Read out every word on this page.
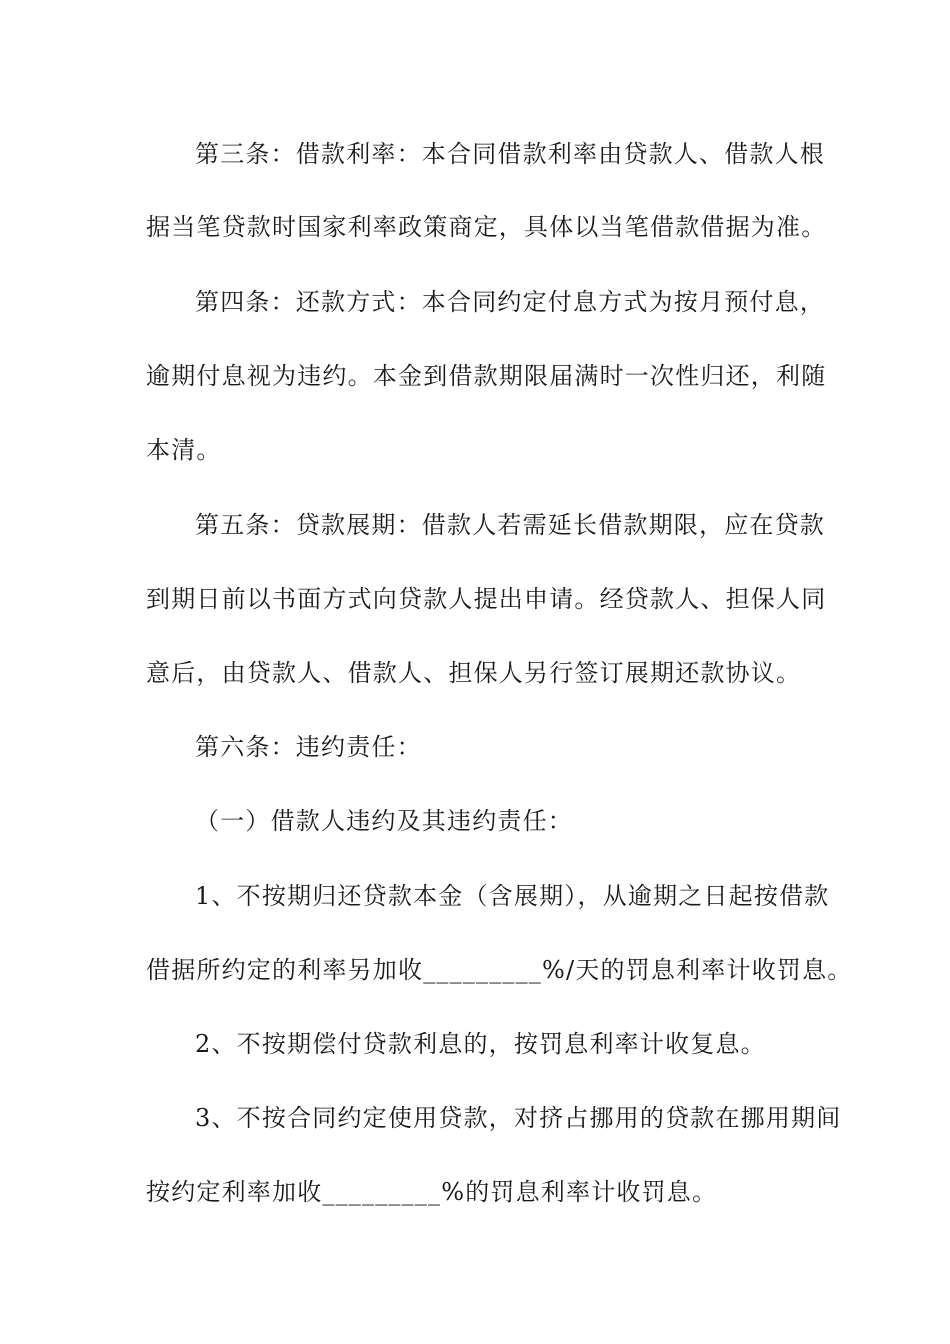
第三条：借款利率：本合同借款利率由贷款人、借款人根
据当笔贷款时国家利率政策商定，具体以当笔借款借据为准。
第四条：还款方式：本合同约定付息方式为按月预付息，
逾期付息视为违约。本金到借款期限届满时一次性归还，利随
本清。
第五条：贷款展期：借款人若需延长借款期限，应在贷款
到期日前以书面方式向贷款人提出申请。经贷款人、担保人同
意后，由贷款人、借款人、担保人另行签订展期还款协议。
第六条：违约责任：
（一）借款人违约及其违约责任：
1、不按期归还贷款本金（含展期），从逾期之日起按借款
借据所约定的利率另加收_________%/天的罚息利率计收罚息。
2、不按期偿付贷款利息的，按罚息利率计收复息。
3、不按合同约定使用贷款，对挤占挪用的贷款在挪用期间
按约定利率加收_________%的罚息利率计收罚息。
